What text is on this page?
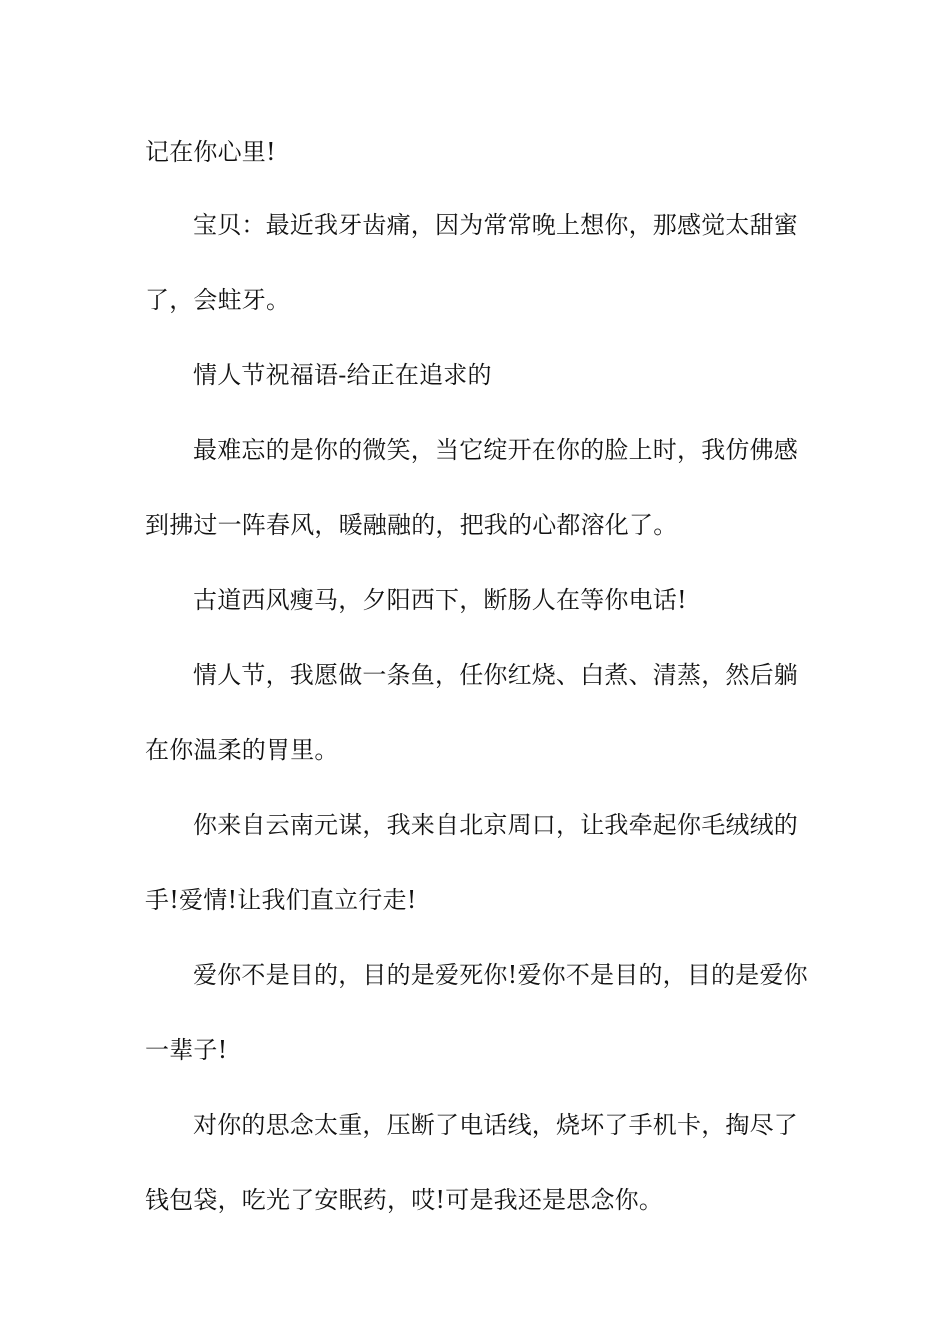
记在你心里!
宝贝：最近我牙齿痛，因为常常晚上想你，那感觉太甜蜜
了，会蛀牙。
情人节祝福语-给正在追求的
最难忘的是你的微笑，当它绽开在你的脸上时，我仿佛感
到拂过一阵春风，暖融融的，把我的心都溶化了。
古道西风瘦马，夕阳西下，断肠人在等你电话!
情人节，我愿做一条鱼，任你红烧、白煮、清蒸，然后躺
在你温柔的胃里。
你来自云南元谋，我来自北京周口，让我牵起你毛绒绒的
手!爱情!让我们直立行走!
爱你不是目的，目的是爱死你!爱你不是目的，目的是爱你
一辈子!
对你的思念太重，压断了电话线，烧坏了手机卡，掏尽了
钱包袋，吃光了安眠药，哎!可是我还是思念你。
